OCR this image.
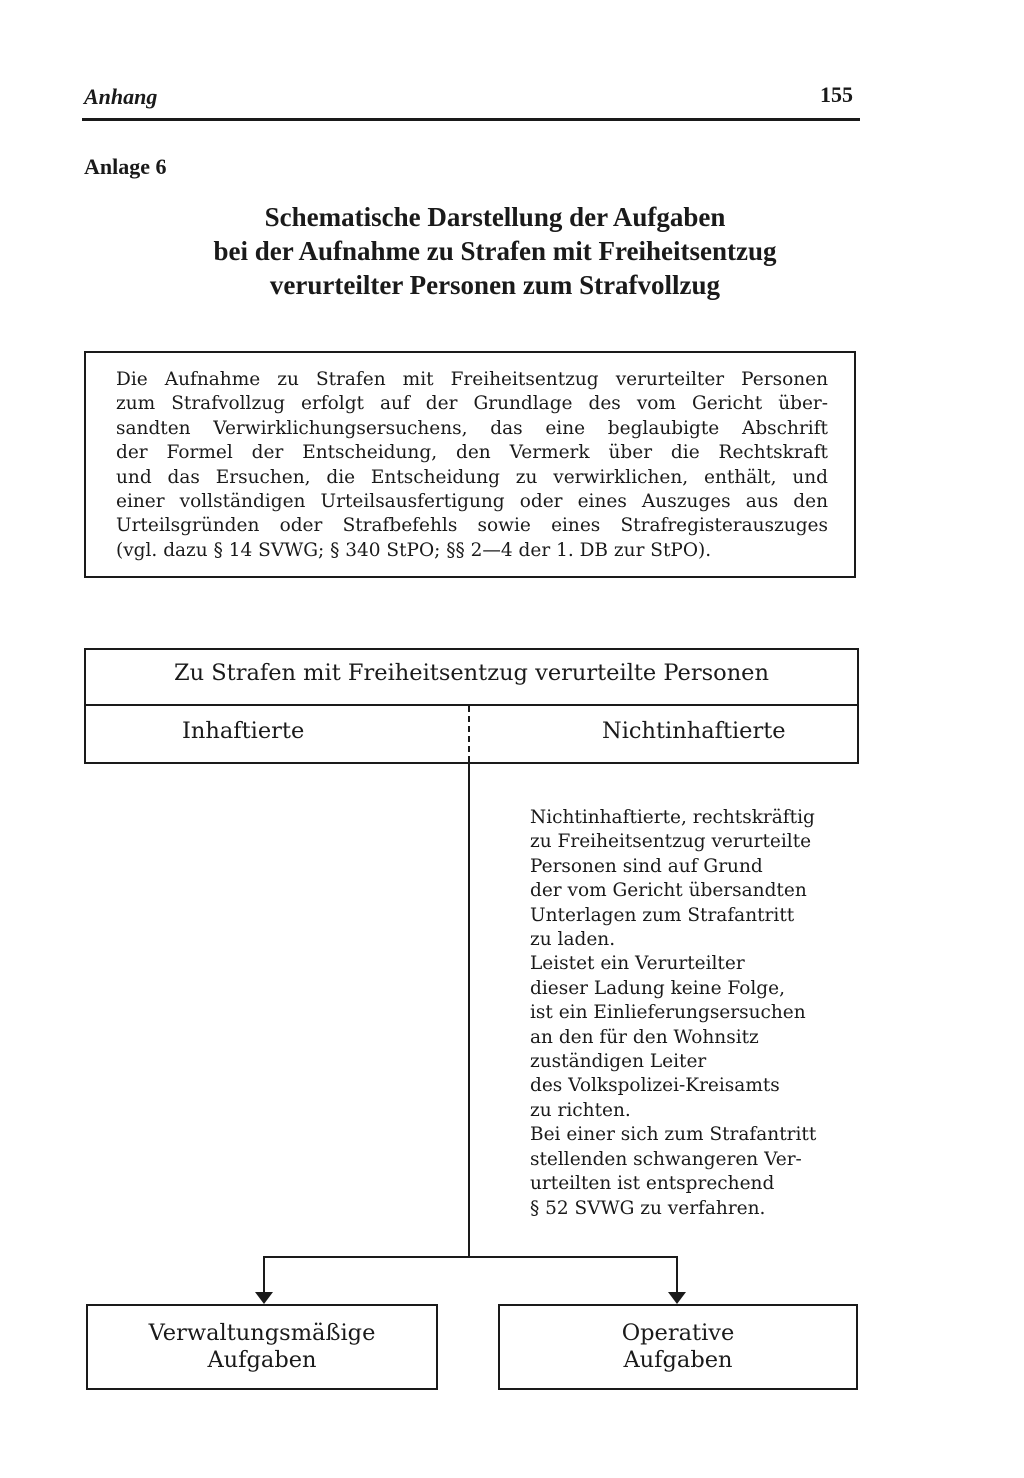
Anhang	155
Anlage 6
Schematische Darstellung der Aufgaben
bei der Aufnahme zu Strafen mit Freiheitsentzug
verurteilter Personen zum Strafvollzug
Die Aufnahme zu Strafen mit Freiheitsentzug verurteilter Personen
zum Strafvollzug erfolgt auf der Grundlage des vom Gericht über-
sandten Verwirklichungsersuchens, das eine beglaubigte Abschrift
der Formel der Entscheidung, den Vermerk über die Rechtskraft
und das Ersuchen, die Entscheidung zu verwirklichen, enthält, und
einer vollständigen Urteilsausfertigung oder eines Auszuges aus den
Urteilsgründen oder Strafbefehls sowie eines Strafregisterauszuges
(vgl. dazu § 14 SVWG; § 340 StPO; §§ 2—4 der 1. DB zur StPO).
Zu Strafen mit Freiheitsentzug verurteilte Personen
Inhaftierte	Nichtinhaftierte
Nichtinhaftierte, rechtskräftig
zu Freiheitsentzug verurteilte
Personen sind auf Grund
der vom Gericht übersandten
Unterlagen zum Strafantritt
zu laden.
Leistet ein Verurteilter
dieser Ladung keine Folge,
ist ein Einlieferungsersuchen
an den für den Wohnsitz
zuständigen Leiter
des Volkspolizei-Kreisamts
zu richten.
Bei einer sich zum Strafantritt
stellenden schwangeren Ver-
urteilten ist entsprechend
§ 52 SVWG zu verfahren.
Verwaltungsmäßige
Aufgaben
Operative
Aufgaben
